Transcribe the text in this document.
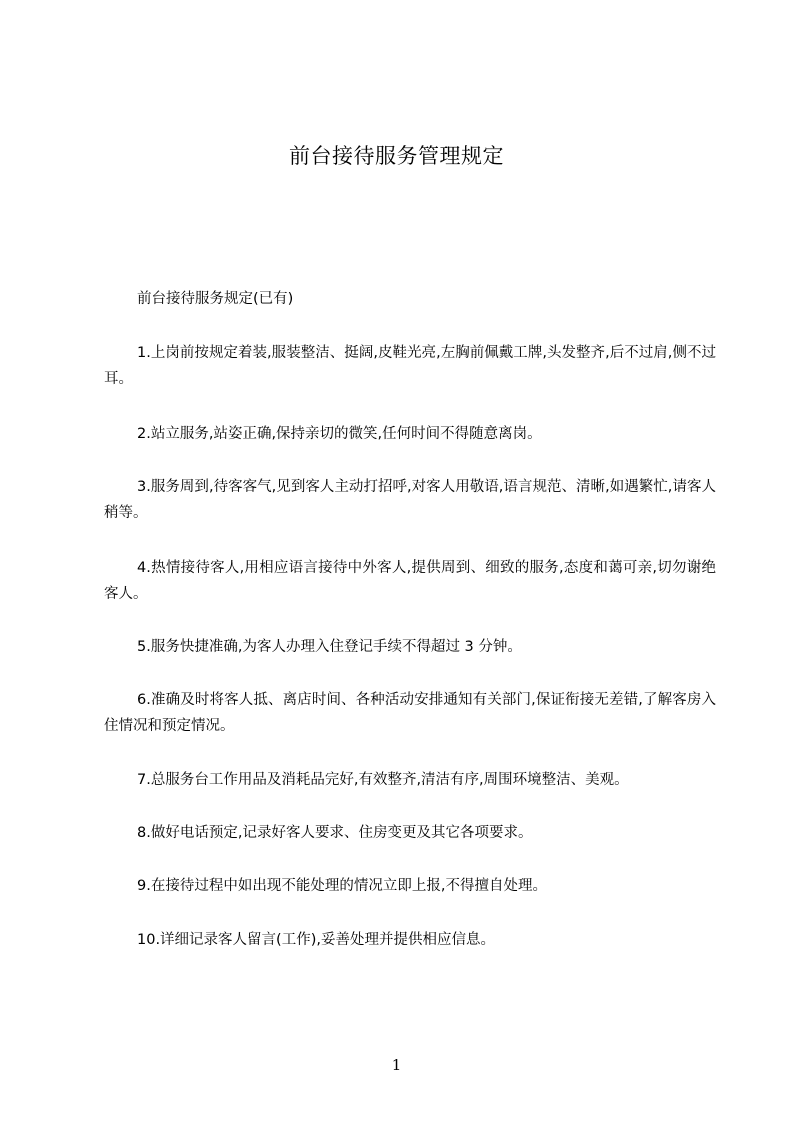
前台接待服务管理规定

前台接待服务规定(已有)

1.上岗前按规定着装,服装整洁、挺阔,皮鞋光亮,左胸前佩戴工牌,头发整齐,后不过肩,侧不过耳。

2.站立服务,站姿正确,保持亲切的微笑,任何时间不得随意离岗。

3.服务周到,待客客气,见到客人主动打招呼,对客人用敬语,语言规范、清晰,如遇繁忙,请客人稍等。

4.热情接待客人,用相应语言接待中外客人,提供周到、细致的服务,态度和蔼可亲,切勿谢绝客人。

5.服务快捷准确,为客人办理入住登记手续不得超过 3 分钟。

6.准确及时将客人抵、离店时间、各种活动安排通知有关部门,保证衔接无差错,了解客房入住情况和预定情况。

7.总服务台工作用品及消耗品完好,有效整齐,清洁有序,周围环境整洁、美观。

8.做好电话预定,记录好客人要求、住房变更及其它各项要求。

9.在接待过程中如出现不能处理的情况立即上报,不得擅自处理。

10.详细记录客人留言(工作),妥善处理并提供相应信息。

1
